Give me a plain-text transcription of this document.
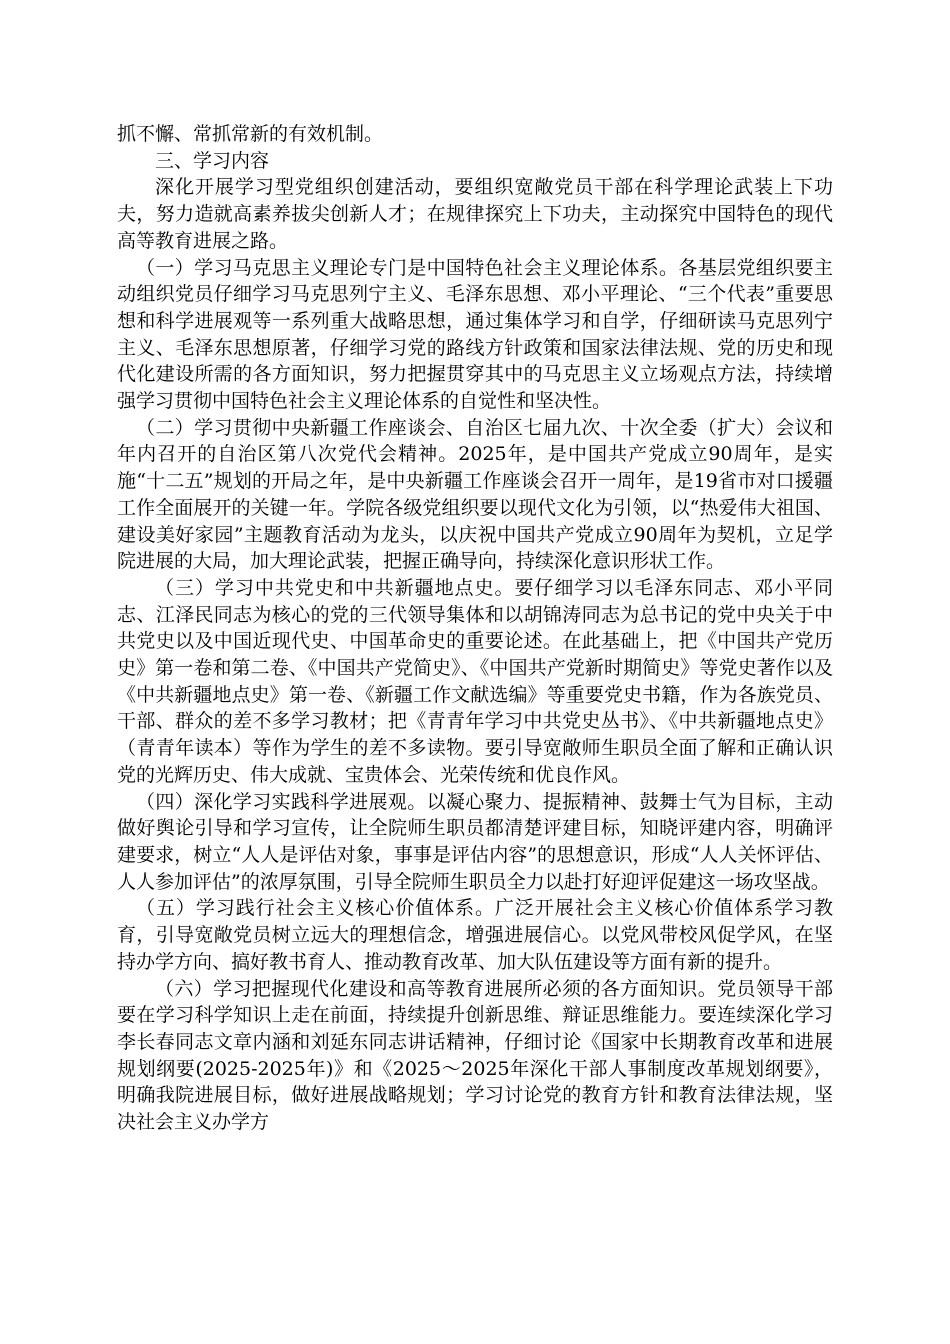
抓不懈、常抓常新的有效机制。

三、学习内容

深化开展学习型党组织创建活动，要组织宽敞党员干部在科学理论武装上下功夫，努力造就高素养拔尖创新人才；在规律探究上下功夫，主动探究中国特色的现代高等教育进展之路。

（一）学习马克思主义理论专门是中国特色社会主义理论体系。各基层党组织要主动组织党员仔细学习马克思列宁主义、毛泽东思想、邓小平理论、“三个代表”重要思想和科学进展观等一系列重大战略思想，通过集体学习和自学，仔细研读马克思列宁主义、毛泽东思想原著，仔细学习党的路线方针政策和国家法律法规、党的历史和现代化建设所需的各方面知识，努力把握贯穿其中的马克思主义立场观点方法，持续增强学习贯彻中国特色社会主义理论体系的自觉性和坚决性。

（二）学习贯彻中央新疆工作座谈会、自治区七届九次、十次全委（扩大）会议和年内召开的自治区第八次党代会精神。2025年，是中国共产党成立90周年，是实施“十二五”规划的开局之年，是中央新疆工作座谈会召开一周年，是19省市对口援疆工作全面展开的关键一年。学院各级党组织要以现代文化为引领，以“热爱伟大祖国、建设美好家园”主题教育活动为龙头，以庆祝中国共产党成立90周年为契机，立足学院进展的大局，加大理论武装，把握正确导向，持续深化意识形状工作。

（三）学习中共党史和中共新疆地点史。要仔细学习以毛泽东同志、邓小平同志、江泽民同志为核心的党的三代领导集体和以胡锦涛同志为总书记的党中央关于中共党史以及中国近现代史、中国革命史的重要论述。在此基础上，把《中国共产党历史》第一卷和第二卷、《中国共产党简史》、《中国共产党新时期简史》等党史著作以及《中共新疆地点史》第一卷、《新疆工作文献选编》等重要党史书籍，作为各族党员、干部、群众的差不多学习教材；把《青青年学习中共党史丛书》、《中共新疆地点史》（青青年读本）等作为学生的差不多读物。要引导宽敞师生职员全面了解和正确认识党的光辉历史、伟大成就、宝贵体会、光荣传统和优良作风。

（四）深化学习实践科学进展观。以凝心聚力、提振精神、鼓舞士气为目标，主动做好舆论引导和学习宣传，让全院师生职员都清楚评建目标，知晓评建内容，明确评建要求，树立“人人是评估对象，事事是评估内容”的思想意识，形成“人人关怀评估、人人参加评估”的浓厚氛围，引导全院师生职员全力以赴打好迎评促建这一场攻坚战。

（五）学习践行社会主义核心价值体系。广泛开展社会主义核心价值体系学习教育，引导宽敞党员树立远大的理想信念，增强进展信心。以党风带校风促学风，在坚持办学方向、搞好教书育人、推动教育改革、加大队伍建设等方面有新的提升。

（六）学习把握现代化建设和高等教育进展所必须的各方面知识。党员领导干部要在学习科学知识上走在前面，持续提升创新思维、辩证思维能力。要连续深化学习李长春同志文章内涵和刘延东同志讲话精神，仔细讨论《国家中长期教育改革和进展规划纲要(2025-2025年)》和《2025～2025年深化干部人事制度改革规划纲要》，明确我院进展目标，做好进展战略规划；学习讨论党的教育方针和教育法律法规，坚决社会主义办学方
